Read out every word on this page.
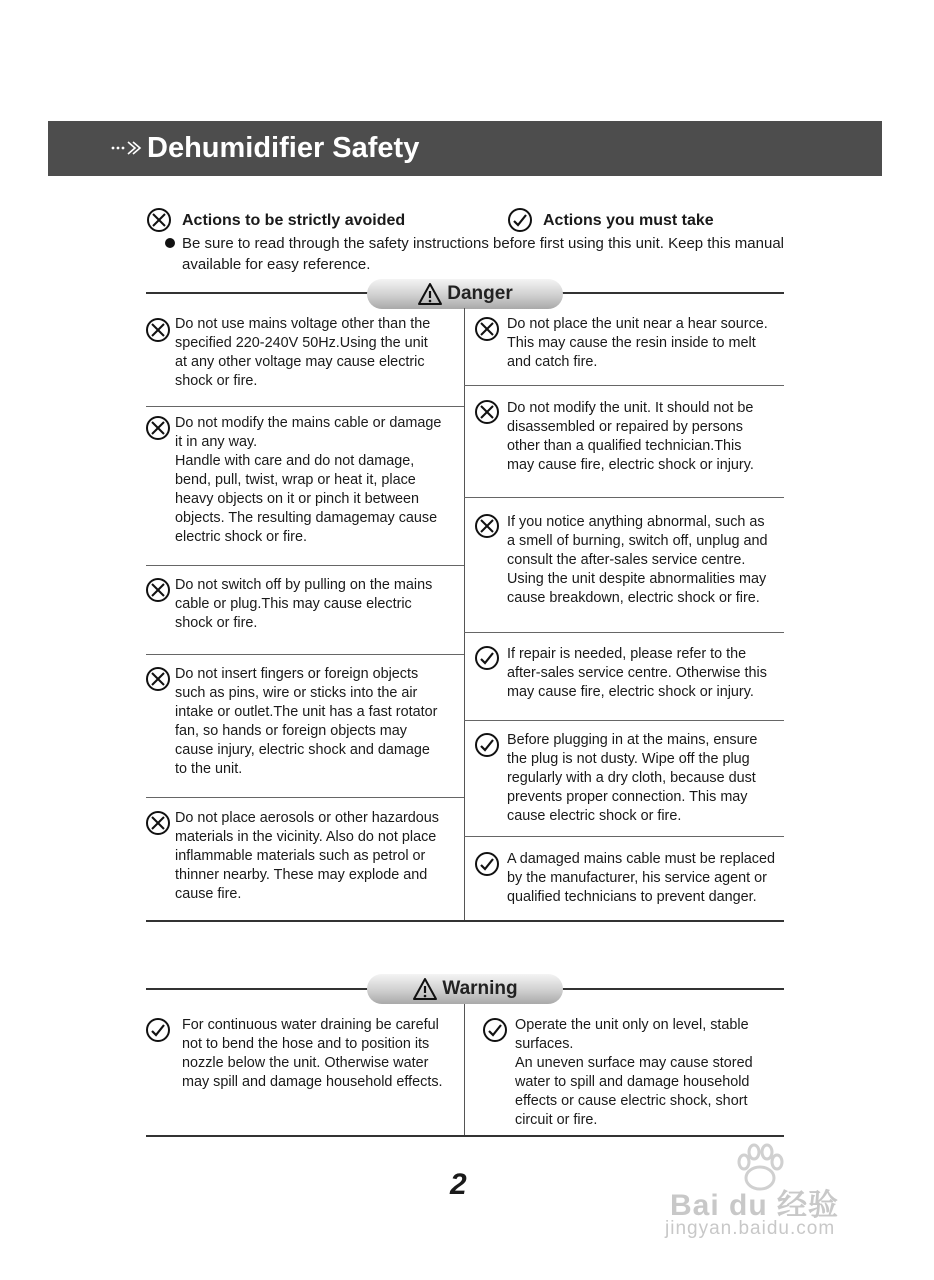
Dehumidifier Safety
Actions to be strictly avoided	Actions you must take
Be sure to read through the safety instructions before first using this unit. Keep this manual available for easy reference.
Danger
Do not use mains voltage other than the
specified 220-240V 50Hz.Using the unit
at any other voltage may cause electric
shock or fire.
Do not modify the mains cable or damage
it in any way.
Handle with care and do not damage,
bend, pull, twist, wrap or heat it, place
heavy objects on it or pinch it between
objects. The resulting damagemay cause
electric shock or fire.
Do not switch off by pulling on the mains
cable or plug.This may cause electric
shock or fire.
Do not insert fingers or foreign objects
such as pins, wire or sticks into the air
intake or outlet.The unit has a fast rotator
fan, so hands or foreign objects may
cause injury, electric shock and damage
to the unit.
Do not place aerosols or other hazardous
materials in the vicinity. Also do not place
inflammable materials such as petrol or
thinner nearby. These may explode and
cause fire.
Do not place the unit near a hear source.
This may cause the resin inside to melt
and catch fire.
Do not modify the unit. It should not be
disassembled or repaired by persons
other than a qualified technician.This
may cause fire, electric shock or injury.
If you notice anything abnormal, such as
a smell of burning, switch off, unplug and
consult the after-sales service centre.
Using the unit despite abnormalities may
cause breakdown, electric shock or fire.
If repair is needed, please refer to the
after-sales service centre. Otherwise this
may cause fire, electric shock or injury.
Before plugging in at the mains, ensure
the plug is not dusty. Wipe off the plug
regularly with a dry cloth, because dust
prevents proper connection. This may
cause electric shock or fire.
A damaged mains cable must be replaced
by the manufacturer, his service agent or
qualified technicians to prevent danger.
Warning
For continuous water draining be careful
not to bend the hose and to position its
nozzle below the unit. Otherwise water
may spill and damage household effects.
Operate the unit only on level, stable
surfaces.
An uneven surface may cause stored
water to spill and damage household
effects or cause electric shock, short
circuit or fire.
2
Bai du 经验
jingyan.baidu.com
